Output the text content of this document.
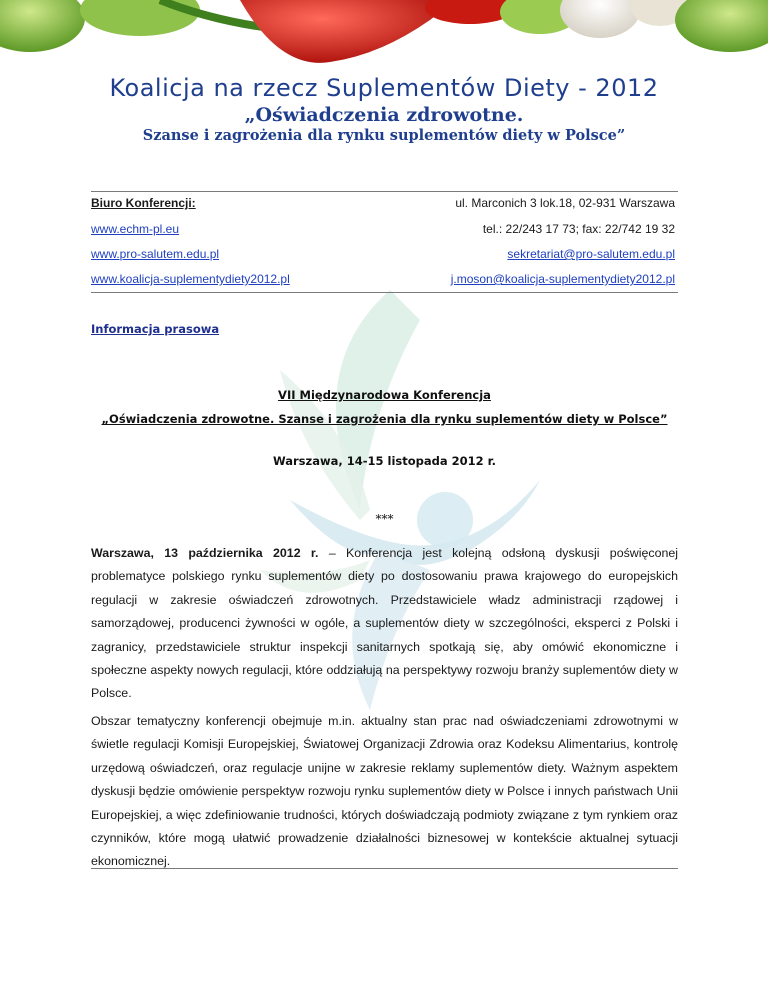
Koalicja na rzecz Suplementów Diety - 2012
„Oświadczenia zdrowotne.
Szanse i zagrożenia dla rynku suplementów diety w Polsce”
Biuro Konferencji:	ul. Marconich 3 lok.18, 02-931 Warszawa
www.echm-pl.eu	tel.: 22/243 17 73; fax: 22/742 19 32
www.pro-salutem.edu.pl	sekretariat@pro-salutem.edu.pl
www.koalicja-suplementydiety2012.pl	j.moson@koalicja-suplementydiety2012.pl
Informacja prasowa
VII Międzynarodowa Konferencja
„Oświadczenia zdrowotne. Szanse i zagrożenia dla rynku suplementów diety w Polsce”
Warszawa, 14-15 listopada 2012 r.
***
Warszawa, 13 października 2012 r. – Konferencja jest kolejną odsłoną dyskusji poświęconej problematyce polskiego rynku suplementów diety po dostosowaniu prawa krajowego do europejskich regulacji w zakresie oświadczeń zdrowotnych. Przedstawiciele władz administracji rządowej i samorządowej, producenci żywności w ogóle, a suplementów diety w szczególności, eksperci z Polski i zagranicy, przedstawiciele struktur inspekcji sanitarnych spotkają się, aby omówić ekonomiczne i społeczne aspekty nowych regulacji, które oddziałują na perspektywy rozwoju branży suplementów diety w Polsce.
Obszar tematyczny konferencji obejmuje m.in. aktualny stan prac nad oświadczeniami zdrowotnymi w świetle regulacji Komisji Europejskiej, Światowej Organizacji Zdrowia oraz Kodeksu Alimentarius, kontrolę urzędową oświadczeń, oraz regulacje unijne w zakresie reklamy suplementów diety. Ważnym aspektem dyskusji będzie omówienie perspektyw rozwoju rynku suplementów diety w Polsce i innych państwach Unii Europejskiej, a więc zdefiniowanie trudności, których doświadczają podmioty związane z tym rynkiem oraz czynników, które mogą ułatwić prowadzenie działalności biznesowej w kontekście aktualnej sytuacji ekonomicznej.
